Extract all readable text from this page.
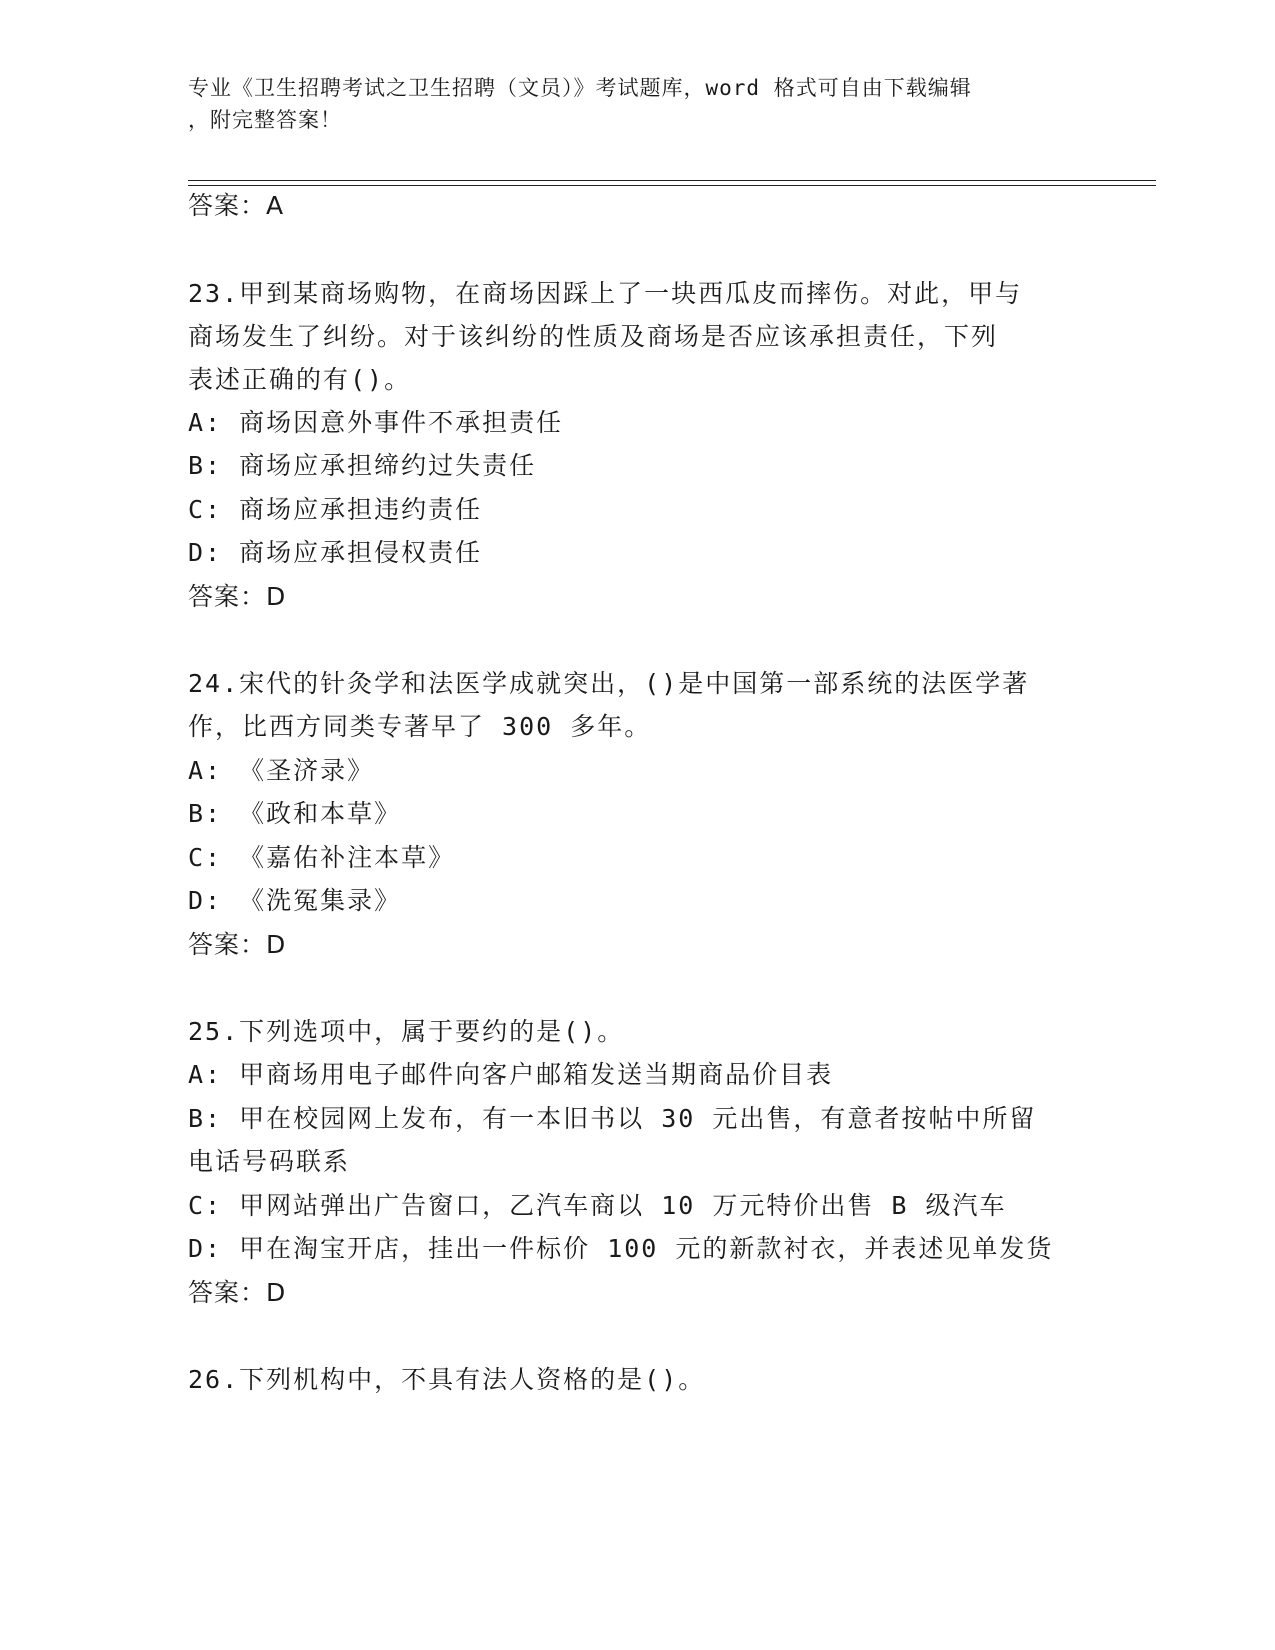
专业《卫生招聘考试之卫生招聘（文员）》考试题库，word 格式可自由下载编辑
，附完整答案！
答案：A
23.甲到某商场购物，在商场因踩上了一块西瓜皮而摔伤。对此，甲与
商场发生了纠纷。对于该纠纷的性质及商场是否应该承担责任，下列
表述正确的有()。
A: 商场因意外事件不承担责任
B: 商场应承担缔约过失责任
C: 商场应承担违约责任
D: 商场应承担侵权责任
答案：D
24.宋代的针灸学和法医学成就突出，()是中国第一部系统的法医学著
作，比西方同类专著早了 300 多年。
A: 《圣济录》
B: 《政和本草》
C: 《嘉佑补注本草》
D: 《洗冤集录》
答案：D
25.下列选项中，属于要约的是()。
A: 甲商场用电子邮件向客户邮箱发送当期商品价目表
B: 甲在校园网上发布，有一本旧书以 30 元出售，有意者按帖中所留
电话号码联系
C: 甲网站弹出广告窗口，乙汽车商以 10 万元特价出售 B 级汽车
D: 甲在淘宝开店，挂出一件标价 100 元的新款衬衣，并表述见单发货
答案：D
26.下列机构中，不具有法人资格的是()。
